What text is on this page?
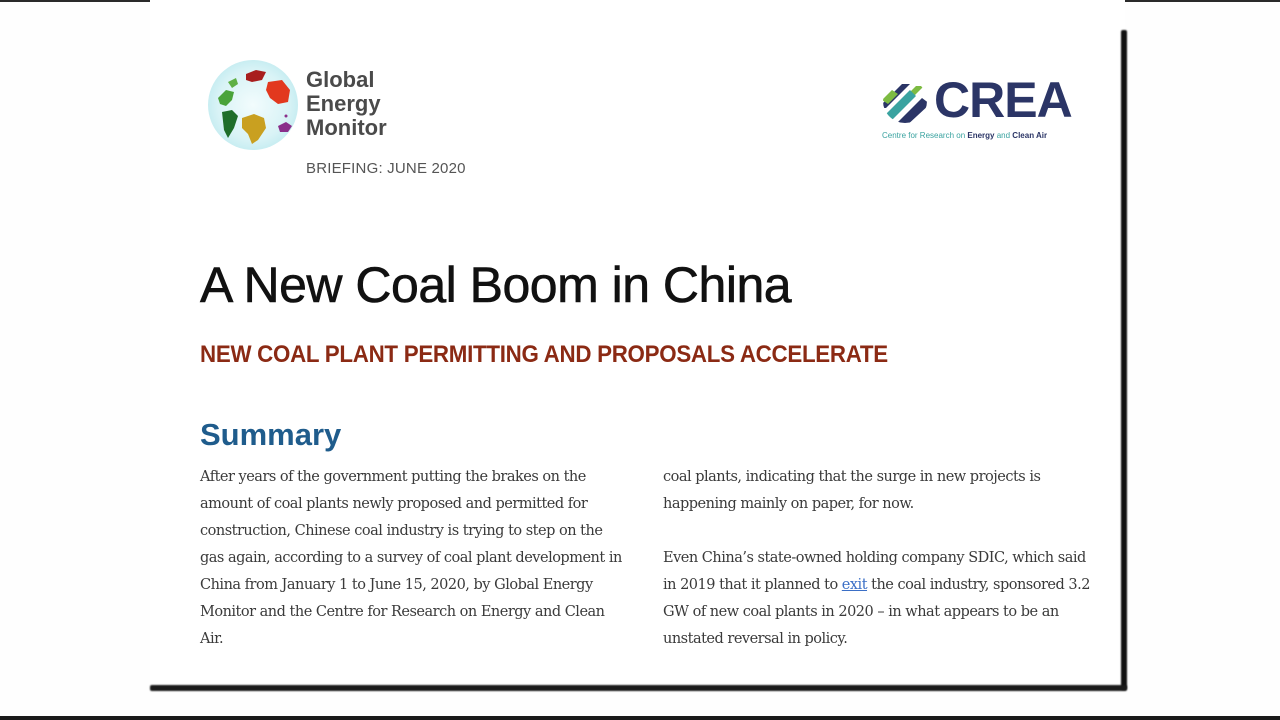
Global
Energy
Monitor
BRIEFING: JUNE 2020
CREA
Centre for Research on Energy and Clean Air
A New Coal Boom in China
NEW COAL PLANT PERMITTING AND PROPOSALS ACCELERATE
Summary

After years of the government putting the brakes on the amount of coal plants newly proposed and permitted for construction, Chinese coal industry is trying to step on the gas again, according to a survey of coal plant development in China from January 1 to June 15, 2020, by Global Energy Monitor and the Centre for Research on Energy and Clean Air.

coal plants, indicating that the surge in new projects is happening mainly on paper, for now.

Even China’s state-owned holding company SDIC, which said in 2019 that it planned to exit the coal industry, sponsored 3.2 GW of new coal plants in 2020 – in what appears to be an unstated reversal in policy.
